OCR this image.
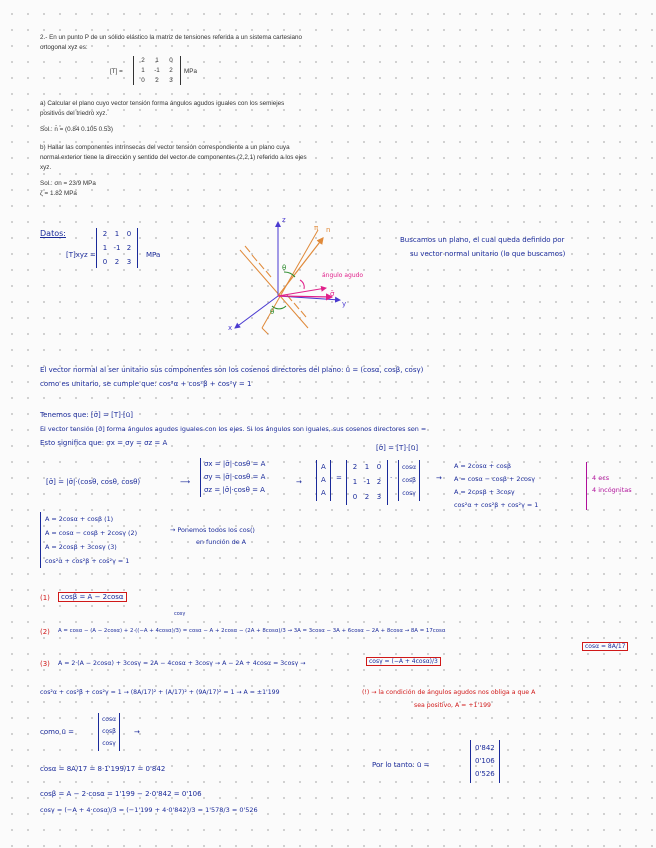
2.- En un punto P de un sólido elástico la matriz de tensiones referida a un sistema cartesiano
ortogonal xyz es:
[T] =
2	1	0
1	-1	2
0	2	3
MPa
a) Calcular el plano cuyo vector tensión forma ángulos agudos iguales con los semiejes
positivos del triedro xyz.
Sol.: n̄ = (0.84 0.105 0.53)
b) Hallar las componentes intrínsecas del vector tensión correspondiente a un plano cuya
normal exterior tiene la dirección y sentido del vector de componentes (2,2,1) referido a los ejes
xyz.
Sol.: σn = 23/9 MPa
ζ = 1.82 MPa
Datos:
[T]xyz =
2	1	0
1 -1 2
0	2	3
MPa
z
y
x
π n
θ
θ
ángulo agudo
σ̄
Buscamos un plano, el cual queda definido por
su vector normal unitario (lo que buscamos)
El vector normal al ser unitario sus componentes son los cosenos directores del plano: ū = (cosα, cosβ, cosγ)
como es unitario, se cumple que: cos²α + cos²β + cos²γ = 1
Tenemos que: [σ̄] = [T]·[ū]
El vector tensión [σ̄] forma ángulos agudos iguales con los ejes. Si los ángulos son iguales, sus cosenos directores son =
Esto significa que: σx = σy = σz = A
[σ̄] = |σ̄|·(cosθ, cosθ, cosθ)	⟶
σx = |σ̄|·cosθ = A
σy = |σ̄|·cosθ = A
σz = |σ̄|·cosθ = A
→
[σ̄] = [T]·[ū]
A
A
A
=
2	1	0
1 -1 2
0	2	3
·
cosα
cosβ
cosγ
→
A = 2cosα + cosβ
A = cosα − cosβ + 2cosγ
A = 2cosβ + 3cosγ
cos²α + cos²β + cos²γ = 1
4 ecs
4 incógnitas
A = 2cosα + cosβ (1)
A = cosα − cosβ + 2cosγ (2)
A = 2cosβ + 3cosγ (3)
cos²α + cos²β + cos²γ = 1
→ Ponemos todos los cos()
en función de A
(1)	cosβ = A − 2cosα
(2)
cosγ
A = cosα − (A − 2cosα) + 2·((−A + 4cosα)/3) = cosα − A + 2cosα − (2A + 8cosα)/3 → 3A = 3cosα − 3A + 6cosα − 2A + 8cosα → 8A = 17cosα
cosα = 8A/17
(3) A = 2·(A − 2cosα) + 3cosγ = 2A − 4cosα + 3cosγ → A − 2A + 4cosα = 3cosγ →	cosγ = (−A + 4cosα)/3
cos²α + cos²β + cos²γ = 1 → (8A/17)² + (A/17)² + (9A/17)² = 1 → A = ±1'199	(!) → la condición de ángulos agudos nos obliga a que A
sea positivo, A = +1'199
como ū =
cosα
cosβ
cosγ
→
cosα = 8A/17 = 8·1'199/17 = 0'842	Por lo tanto: ū =
0'842
0'106
0'526
cosβ = A − 2·cosα = 1'199 − 2·0'842 = 0'106
cosγ = (−A + 4·cosα)/3 = (−1'199 + 4·0'842)/3 = 1'578/3 = 0'526
